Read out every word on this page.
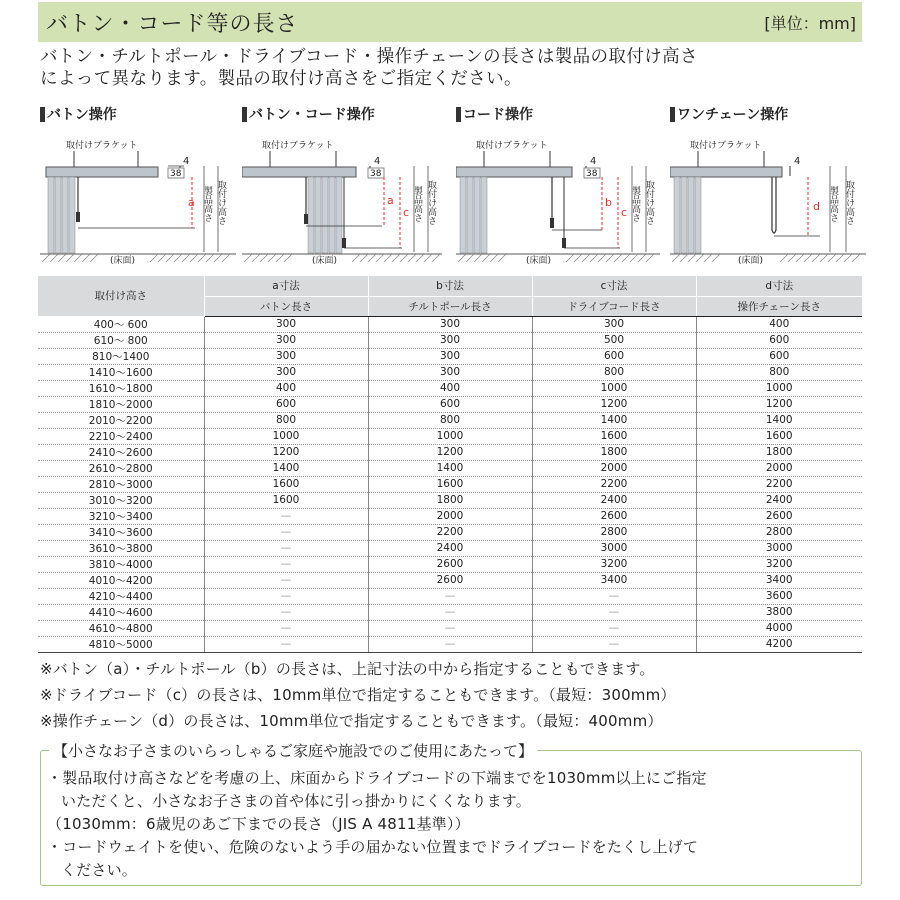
バトン・コード等の長さ	[単位：mm]
バトン・チルトポール・ドライブコード・操作チェーンの長さは製品の取付け高さ
によって異なります。製品の取付け高さをご指定ください。
バトン操作
取付けブラケット
4
38
a 製品高さ 取付け高さ
(床面)
バトン・コード操作
取付けブラケット
4
38
a
c 製品高さ 取付け高さ
(床面)
コード操作
取付けブラケット
4
38
b
c 製品高さ 取付け高さ
(床面)
ワンチェーン操作
取付けブラケット
4
d 製品高さ 取付け高さ
(床面)
取付け高さ	a寸法	b寸法	c寸法	d寸法
	バトン長さ	チルトポール長さ	ドライブコード長さ	操作チェーン長さ
400～ 600	300	300	300	400
610～ 800	300	300	500	600
810～1400	300	300	600	600
1410～1600	300	300	800	800
1610～1800	400	400	1000	1000
1810～2000	600	600	1200	1200
2010～2200	800	800	1400	1400
2210～2400	1000	1000	1600	1600
2410～2600	1200	1200	1800	1800
2610～2800	1400	1400	2000	2000
2810～3000	1600	1600	2200	2200
3010～3200	1600	1800	2400	2400
3210～3400	—	2000	2600	2600
3410～3600	—	2200	2800	2800
3610～3800	—	2400	3000	3000
3810～4000	—	2600	3200	3200
4010～4200	—	2600	3400	3400
4210～4400	—	—	—	3600
4410～4600	—	—	—	3800
4610～4800	—	—	—	4000
4810～5000	—	—	—	4200
※バトン（a）・チルトポール（b）の長さは、上記寸法の中から指定することもできます。
※ドライブコード（c）の長さは、10mm単位で指定することもできます。（最短：300mm）
※操作チェーン（d）の長さは、10mm単位で指定することもできます。（最短：400mm）
【小さなお子さまのいらっしゃるご家庭や施設でのご使用にあたって】

・製品取付け高さなどを考慮の上、床面からドライブコードの下端までを1030mm以上にご指定

いただくと、小さなお子さまの首や体に引っ掛かりにくくなります。

（1030mm：6歳児のあご下までの長さ（JIS A 4811基準））

・コードウェイトを使い、危険のないよう手の届かない位置までドライブコードをたくし上げて

ください。
